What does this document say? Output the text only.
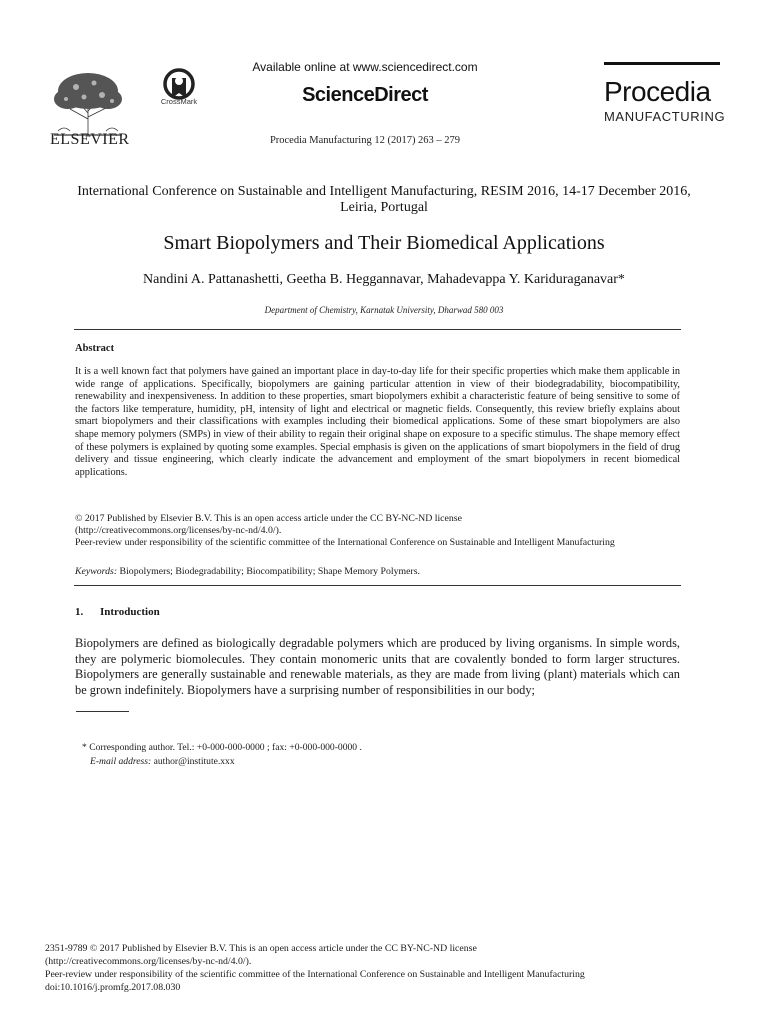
ELSEVIER
CrossMark
Available online at www.sciencedirect.com
ScienceDirect
Procedia Manufacturing 12 (2017) 263 – 279
Procedia
MANUFACTURING
International Conference on Sustainable and Intelligent Manufacturing, RESIM 2016, 14-17 December 2016, Leiria, Portugal
Smart Biopolymers and Their Biomedical Applications
Nandini A. Pattanashetti, Geetha B. Heggannavar, Mahadevappa Y. Kariduraganavar*
Department of Chemistry, Karnatak University, Dharwad 580 003
Abstract
It is a well known fact that polymers have gained an important place in day-to-day life for their specific properties which make them applicable in wide range of applications. Specifically, biopolymers are gaining particular attention in view of their biodegradability, biocompatibility, renewability and inexpensiveness. In addition to these properties, smart biopolymers exhibit a characteristic feature of being sensitive to some of the factors like temperature, humidity, pH, intensity of light and electrical or magnetic fields. Consequently, this review briefly explains about smart biopolymers and their classifications with examples including their biomedical applications. Some of these smart biopolymers are also shape memory polymers (SMPs) in view of their ability to regain their original shape on exposure to a specific stimulus. The shape memory effect of these polymers is explained by quoting some examples. Special emphasis is given on the applications of smart biopolymers in the field of drug delivery and tissue engineering, which clearly indicate the advancement and employment of the smart biopolymers in recent biomedical applications.
© 2017 Published by Elsevier B.V. This is an open access article under the CC BY-NC-ND license
(http://creativecommons.org/licenses/by-nc-nd/4.0/).
Peer-review under responsibility of the scientific committee of the International Conference on Sustainable and Intelligent Manufacturing
Keywords: Biopolymers; Biodegradability; Biocompatibility; Shape Memory Polymers.
1. Introduction
Biopolymers are defined as biologically degradable polymers which are produced by living organisms. In simple words, they are polymeric biomolecules. They contain monomeric units that are covalently bonded to form larger structures. Biopolymers are generally sustainable and renewable materials, as they are made from living (plant) materials which can be grown indefinitely. Biopolymers have a surprising number of responsibilities in our body;
* Corresponding author. Tel.: +0-000-000-0000 ; fax: +0-000-000-0000 .
E-mail address: author@institute.xxx
2351-9789 © 2017 Published by Elsevier B.V. This is an open access article under the CC BY-NC-ND license
(http://creativecommons.org/licenses/by-nc-nd/4.0/).
Peer-review under responsibility of the scientific committee of the International Conference on Sustainable and Intelligent Manufacturing
doi:10.1016/j.promfg.2017.08.030
